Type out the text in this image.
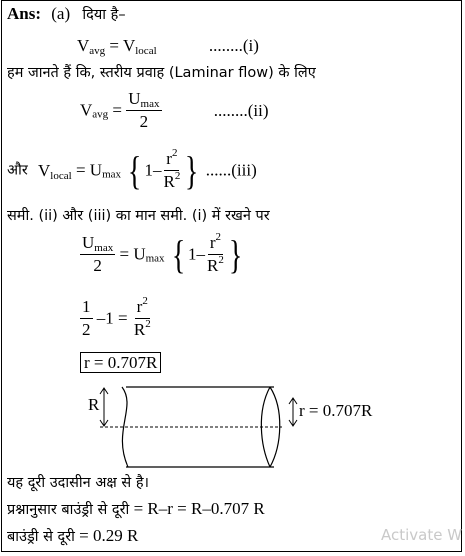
Ans: (a) दिया है–
$V_{avg} = V_{local}$	........(i)
हम जानते हैं कि, स्तरीय प्रवाह (Laminar flow) के लिए
$V_{avg} = \frac{U_{max}}{2}$	........(ii)
और $V_{local} = U_{max}$ { $1- \frac{r^2}{R^2}$ } ......(iii)
समी. (ii) और (iii) का मान समी. (i) में रखने पर
$\frac{U_{max}}{2} = U_{max}$ { $1- \frac{r^2}{R^2}$ }
$\frac{1}{2} -1 = \frac{r^2}{R^2}$
r = 0.707R
R	r = 0.707R
यह दूरी उदासीन अक्ष से है।
प्रश्नानुसार बाउंड्री से दूरी = R–r = R–0.707 R
बाउंड्री से दूरी = 0.29 R	Activate W
